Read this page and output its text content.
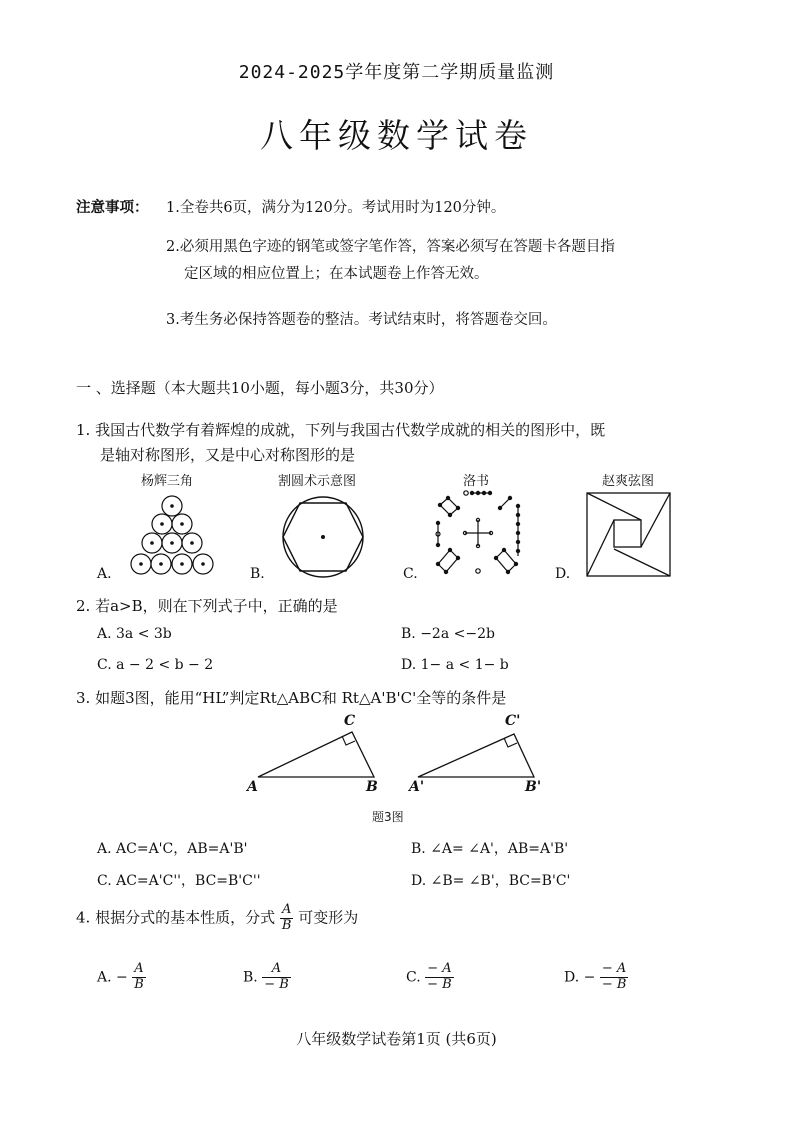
2024-2025学年度第二学期质量监测
八年级数学试卷
注意事项： 1.全卷共6页，满分为120分。考试用时为120分钟。
2.必须用黑色字迹的钢笔或签字笔作答，答案必须写在答题卡各题目指
定区域的相应位置上；在本试题卷上作答无效。
3.考生务必保持答题卷的整洁。考试结束时，将答题卷交回。
一 、选择题（本大题共10小题，每小题3分，共30分）
1. 我国古代数学有着辉煌的成就，下列与我国古代数学成就的相关的图形中，既
是轴对称图形，又是中心对称图形的是
杨辉三角	割圆术示意图	洛书	赵爽弦图
A.	B.	C.	D.
2. 若a>B，则在下列式子中，正确的是
A. 3a < 3b	B. −2a <−2b
C. a − 2 < b − 2	D. 1− a < 1− b
3. 如题3图，能用“HL”判定Rt△ABC和 Rt△A'B'C'全等的条件是
A	B
C
A'	B'
C'
题3图
A. AC=A'C，AB=A'B'	B. ∠A= ∠A'，AB=A'B'
C. AC=A'C''，BC=B'C''	D. ∠B= ∠B'，BC=B'C'
4. 根据分式的基本性质，分式 $\frac{A}{B}$ 可变形为
A. − $\frac{A}{B}$	B. $\frac{A}{- B}$	C. $\frac{- A}{- B}$	D. − $\frac{- A}{- B}$
八年级数学试卷第1页 (共6页)
